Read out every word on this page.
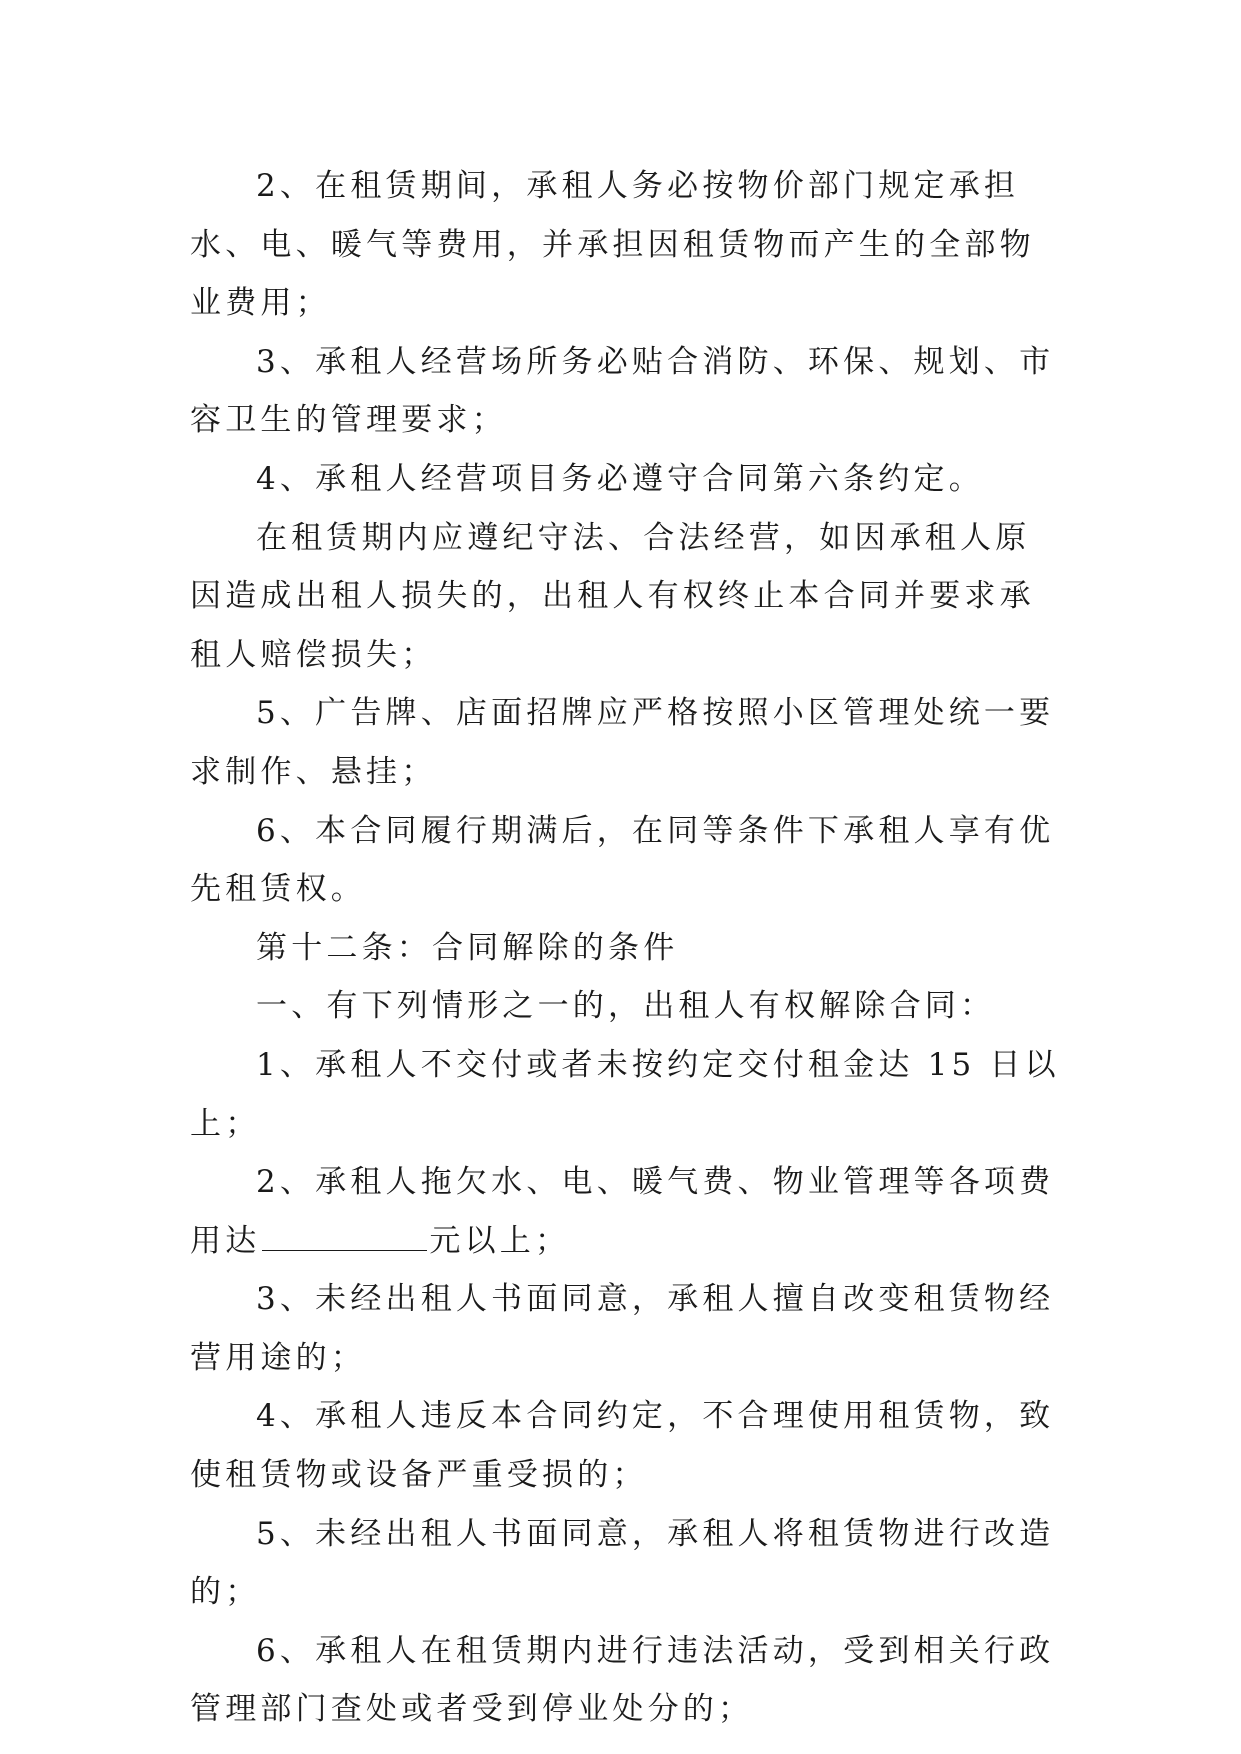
2、在租赁期间，承租人务必按物价部门规定承担水、电、暖气等费用，并承担因租赁物而产生的全部物业费用；

3、承租人经营场所务必贴合消防、环保、规划、市容卫生的管理要求；

4、承租人经营项目务必遵守合同第六条约定。

在租赁期内应遵纪守法、合法经营，如因承租人原因造成出租人损失的，出租人有权终止本合同并要求承租人赔偿损失；

5、广告牌、店面招牌应严格按照小区管理处统一要求制作、悬挂；

6、本合同履行期满后，在同等条件下承租人享有优先租赁权。

第十二条：合同解除的条件

一、有下列情形之一的，出租人有权解除合同：

1、承租人不交付或者未按约定交付租金达 15 日以上；

2、承租人拖欠水、电、暖气费、物业管理等各项费用达	元以上；

3、未经出租人书面同意，承租人擅自改变租赁物经营用途的；

4、承租人违反本合同约定，不合理使用租赁物，致使租赁物或设备严重受损的；

5、未经出租人书面同意，承租人将租赁物进行改造的；

6、承租人在租赁期内进行违法活动，受到相关行政管理部门查处或者受到停业处分的；
